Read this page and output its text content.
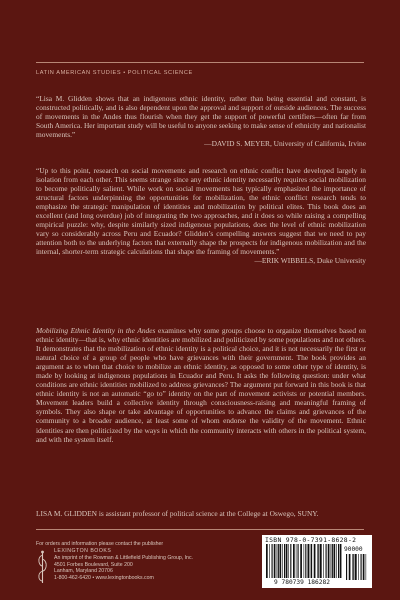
LATIN AMERICAN STUDIES • POLITICAL SCIENCE
“Lisa M. Glidden shows that an indigenous ethnic identity, rather than being essential and constant, is constructed politically, and is also dependent upon the approval and support of outside audiences. The success of movements in the Andes thus flourish when they get the support of powerful certifiers—often far from South America. Her important study will be useful to anyone seeking to make sense of ethnicity and nationalist movements.”
—DAVID S. MEYER, University of California, Irvine
“Up to this point, research on social movements and research on ethnic conflict have developed largely in isolation from each other. This seems strange since any ethnic identity necessarily requires social mobilization to become politically salient. While work on social movements has typically emphasized the importance of structural factors underpinning the opportunities for mobilization, the ethnic conflict research tends to emphasize the strategic manipulation of identities and mobilization by political elites. This book does an excellent (and long overdue) job of integrating the two approaches, and it does so while raising a compelling empirical puzzle: why, despite similarly sized indigenous populations, does the level of ethnic mobilization vary so considerably across Peru and Ecuador? Glidden’s compelling answers suggest that we need to pay attention both to the underlying factors that externally shape the prospects for indigenous mobilization and the internal, shorter-term strategic calculations that shape the framing of movements.”
—ERIK WIBBELS, Duke University
Mobilizing Ethnic Identity in the Andes examines why some groups choose to organize themselves based on ethnic identity—that is, why ethnic identities are mobilized and politicized by some populations and not others. It demonstrates that the mobilization of ethnic identity is a political choice, and it is not necessarily the first or natural choice of a group of people who have grievances with their government. The book provides an argument as to when that choice to mobilize an ethnic identity, as opposed to some other type of identity, is made by looking at indigenous populations in Ecuador and Peru. It asks the following question: under what conditions are ethnic identities mobilized to address grievances? The argument put forward in this book is that ethnic identity is not an automatic “go to” identity on the part of movement activists or potential members. Movement leaders build a collective identity through consciousness-raising and meaningful framing of symbols. They also shape or take advantage of opportunities to advance the claims and grievances of the community to a broader audience, at least some of whom endorse the validity of the movement. Ethnic identities are then politicized by the ways in which the community interacts with others in the political system, and with the system itself.
LISA M. GLIDDEN is assistant professor of political science at the College at Oswego, SUNY.
For orders and information please contact the publisher
LEXINGTON BOOKS
An imprint of the Rowman & Littlefield Publishing Group, Inc.
4501 Forbes Boulevard, Suite 200
Lanham, Maryland 20706
1-800-462-6420 • www.lexingtonbooks.com
ISBN 978-0-7391-8628-2
9 780739 186282
90000
